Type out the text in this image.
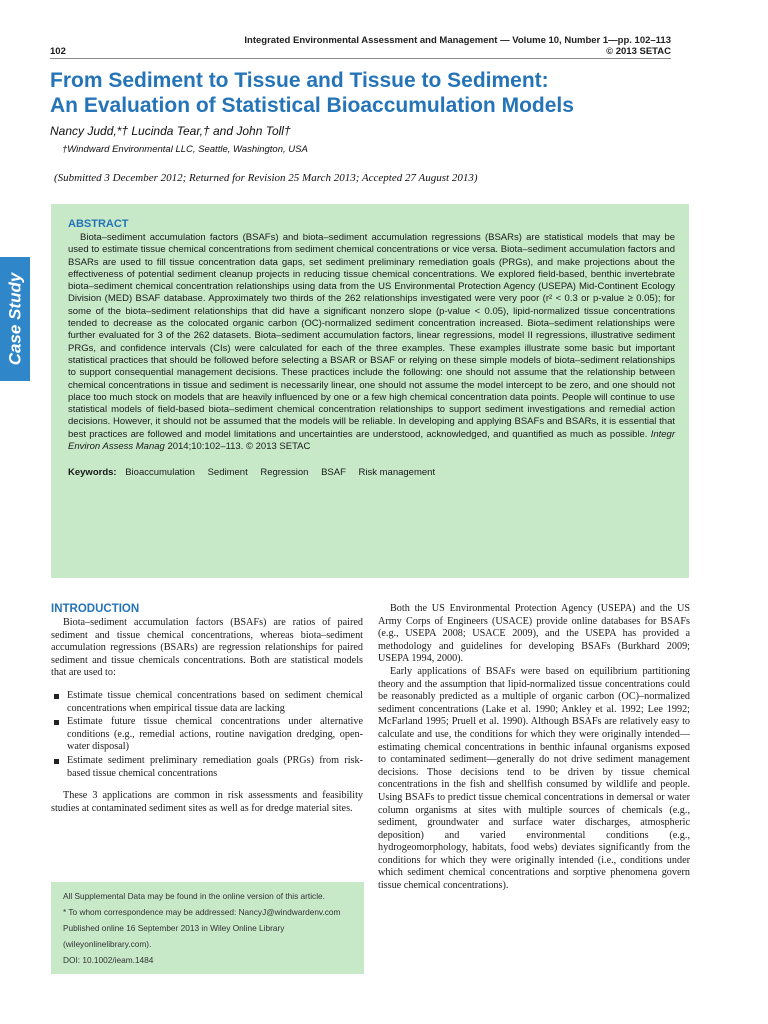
Integrated Environmental Assessment and Management — Volume 10, Number 1—pp. 102–113
102	© 2013 SETAC
From Sediment to Tissue and Tissue to Sediment:
An Evaluation of Statistical Bioaccumulation Models
Nancy Judd,*† Lucinda Tear,† and John Toll†
†Windward Environmental LLC, Seattle, Washington, USA
(Submitted 3 December 2012; Returned for Revision 25 March 2013; Accepted 27 August 2013)
Case Study
ABSTRACT

Biota–sediment accumulation factors (BSAFs) and biota–sediment accumulation regressions (BSARs) are statistical models that may be used to estimate tissue chemical concentrations from sediment chemical concentrations or vice versa. Biota–sediment accumulation factors and BSARs are used to fill tissue concentration data gaps, set sediment preliminary remediation goals (PRGs), and make projections about the effectiveness of potential sediment cleanup projects in reducing tissue chemical concentrations. We explored field-based, benthic invertebrate biota–sediment chemical concentration relationships using data from the US Environmental Protection Agency (USEPA) Mid-Continent Ecology Division (MED) BSAF database. Approximately two thirds of the 262 relationships investigated were very poor (r² < 0.3 or p-value ≥ 0.05); for some of the biota–sediment relationships that did have a significant nonzero slope (p-value < 0.05), lipid-normalized tissue concentrations tended to decrease as the colocated organic carbon (OC)-normalized sediment concentration increased. Biota–sediment relationships were further evaluated for 3 of the 262 datasets. Biota–sediment accumulation factors, linear regressions, model II regressions, illustrative sediment PRGs, and confidence intervals (CIs) were calculated for each of the three examples. These examples illustrate some basic but important statistical practices that should be followed before selecting a BSAR or BSAF or relying on these simple models of biota–sediment relationships to support consequential management decisions. These practices include the following: one should not assume that the relationship between chemical concentrations in tissue and sediment is necessarily linear, one should not assume the model intercept to be zero, and one should not place too much stock on models that are heavily influenced by one or a few high chemical concentration data points. People will continue to use statistical models of field-based biota–sediment chemical concentration relationships to support sediment investigations and remedial action decisions. However, it should not be assumed that the models will be reliable. In developing and applying BSAFs and BSARs, it is essential that best practices are followed and model limitations and uncertainties are understood, acknowledged, and quantified as much as possible. Integr Environ Assess Manag 2014;10:102–113. © 2013 SETAC

Keywords: Bioaccumulation Sediment Regression BSAF Risk management
INTRODUCTION

Biota–sediment accumulation factors (BSAFs) are ratios of paired sediment and tissue chemical concentrations, whereas biota–sediment accumulation regressions (BSARs) are regression relationships for paired sediment and tissue chemicals concentrations. Both are statistical models that are used to:

Estimate tissue chemical concentrations based on sediment chemical concentrations when empirical tissue data are lacking
Estimate future tissue chemical concentrations under alternative conditions (e.g., remedial actions, routine navigation dredging, open-water disposal)
Estimate sediment preliminary remediation goals (PRGs) from risk-based tissue chemical concentrations

These 3 applications are common in risk assessments and feasibility studies at contaminated sediment sites as well as for dredge material sites.

Both the US Environmental Protection Agency (USEPA) and the US Army Corps of Engineers (USACE) provide online databases for BSAFs (e.g., USEPA 2008; USACE 2009), and the USEPA has provided a methodology and guidelines for developing BSAFs (Burkhard 2009; USEPA 1994, 2000).

Early applications of BSAFs were based on equilibrium partitioning theory and the assumption that lipid-normalized tissue concentrations could be reasonably predicted as a multiple of organic carbon (OC)–normalized sediment concentrations (Lake et al. 1990; Ankley et al. 1992; Lee 1992; McFarland 1995; Pruell et al. 1990). Although BSAFs are relatively easy to calculate and use, the conditions for which they were originally intended—estimating chemical concentrations in benthic infaunal organisms exposed to contaminated sediment—generally do not drive sediment management decisions. Those decisions tend to be driven by tissue chemical concentrations in the fish and shellfish consumed by wildlife and people. Using BSAFs to predict tissue chemical concentrations in demersal or water column organisms at sites with multiple sources of chemicals (e.g., sediment, groundwater and surface water discharges, atmospheric deposition) and varied environmental conditions (e.g., hydrogeomorphology, habitats, food webs) deviates significantly from the conditions for which they were originally intended (i.e., conditions under which sediment chemical concentrations and sorptive phenomena govern tissue chemical concentrations).

All Supplemental Data may be found in the online version of this article.

* To whom correspondence may be addressed: NancyJ@windwardenv.com

Published online 16 September 2013 in Wiley Online Library

(wileyonlinelibrary.com).

DOI: 10.1002/ieam.1484
